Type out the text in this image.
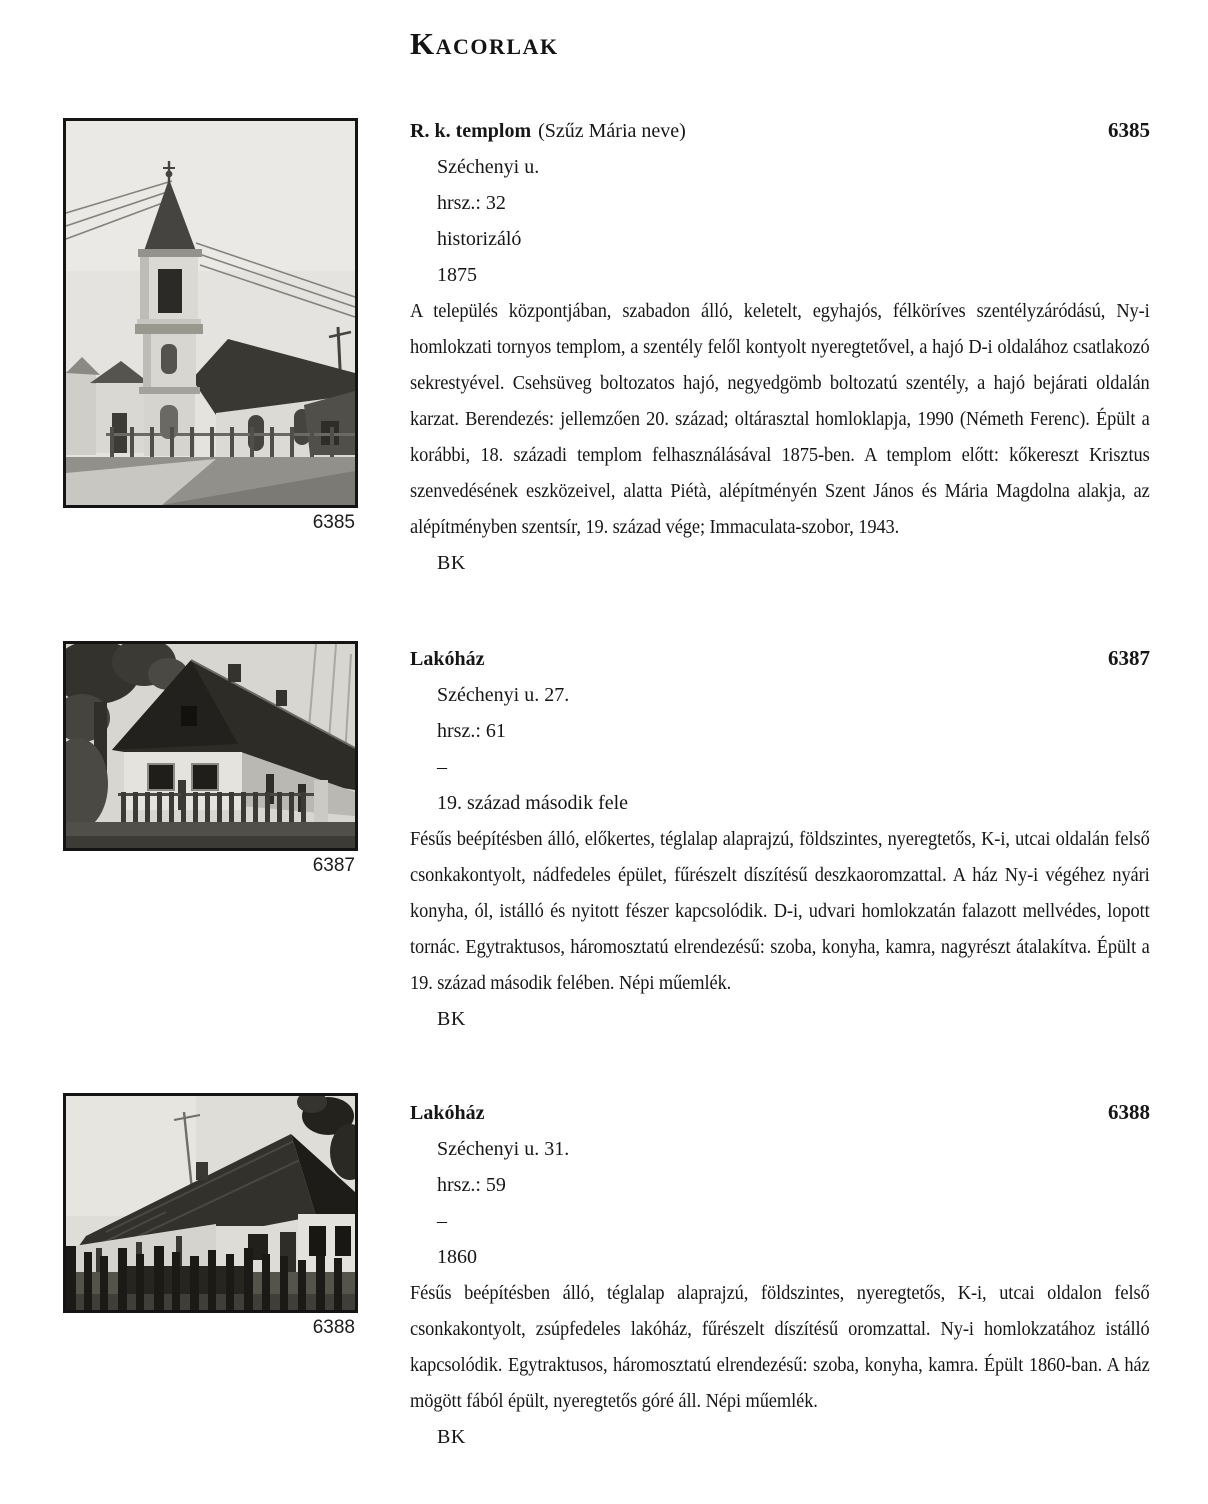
Kacorlak
6385
6387
6388
R. k. templom (Szűz Mária neve)	6385
Széchenyi u.
hrsz.: 32
historizáló
1875

A település központjában, szabadon álló, keletelt, egyhajós, félköríves szentélyzáródású, Ny-i homlokzati tornyos templom, a szentély felől kontyolt nyeregtetővel, a hajó D-i oldalához csatlakozó sekrestyével. Csehsüveg boltozatos hajó, negyedgömb boltozatú szentély, a hajó bejárati oldalán karzat. Berendezés: jellemzően 20. század; oltárasztal homloklapja, 1990 (Németh Ferenc). Épült a korábbi, 18. századi templom felhasználásával 1875-ben. A templom előtt: kőkereszt Krisztus szenvedésének eszközeivel, alatta Piétà, alépítményén Szent János és Mária Magdolna alakja, az alépítményben szentsír, 19. század vége; Immaculata-szobor, 1943.

BK
Lakóház	6387
Széchenyi u. 27.
hrsz.: 61
–
19. század második fele

Fésűs beépítésben álló, előkertes, téglalap alaprajzú, földszintes, nyeregtetős, K-i, utcai oldalán felső csonkakontyolt, nádfedeles épület, fűrészelt díszítésű deszkaoromzattal. A ház Ny-i végéhez nyári konyha, ól, istálló és nyitott fészer kapcsolódik. D-i, udvari homlokzatán falazott mellvédes, lopott tornác. Egytraktusos, háromosztatú elrendezésű: szoba, konyha, kamra, nagyrészt átalakítva. Épült a 19. század második felében. Népi műemlék.

BK
Lakóház	6388
Széchenyi u. 31.
hrsz.: 59
–
1860

Fésűs beépítésben álló, téglalap alaprajzú, földszintes, nyeregtetős, K-i, utcai oldalon felső csonkakontyolt, zsúpfedeles lakóház, fűrészelt díszítésű oromzattal. Ny-i homlokzatához istálló kapcsolódik. Egytraktusos, háromosztatú elrendezésű: szoba, konyha, kamra. Épült 1860-ban. A ház mögött fából épült, nyeregtetős góré áll. Népi műemlék.

BK
